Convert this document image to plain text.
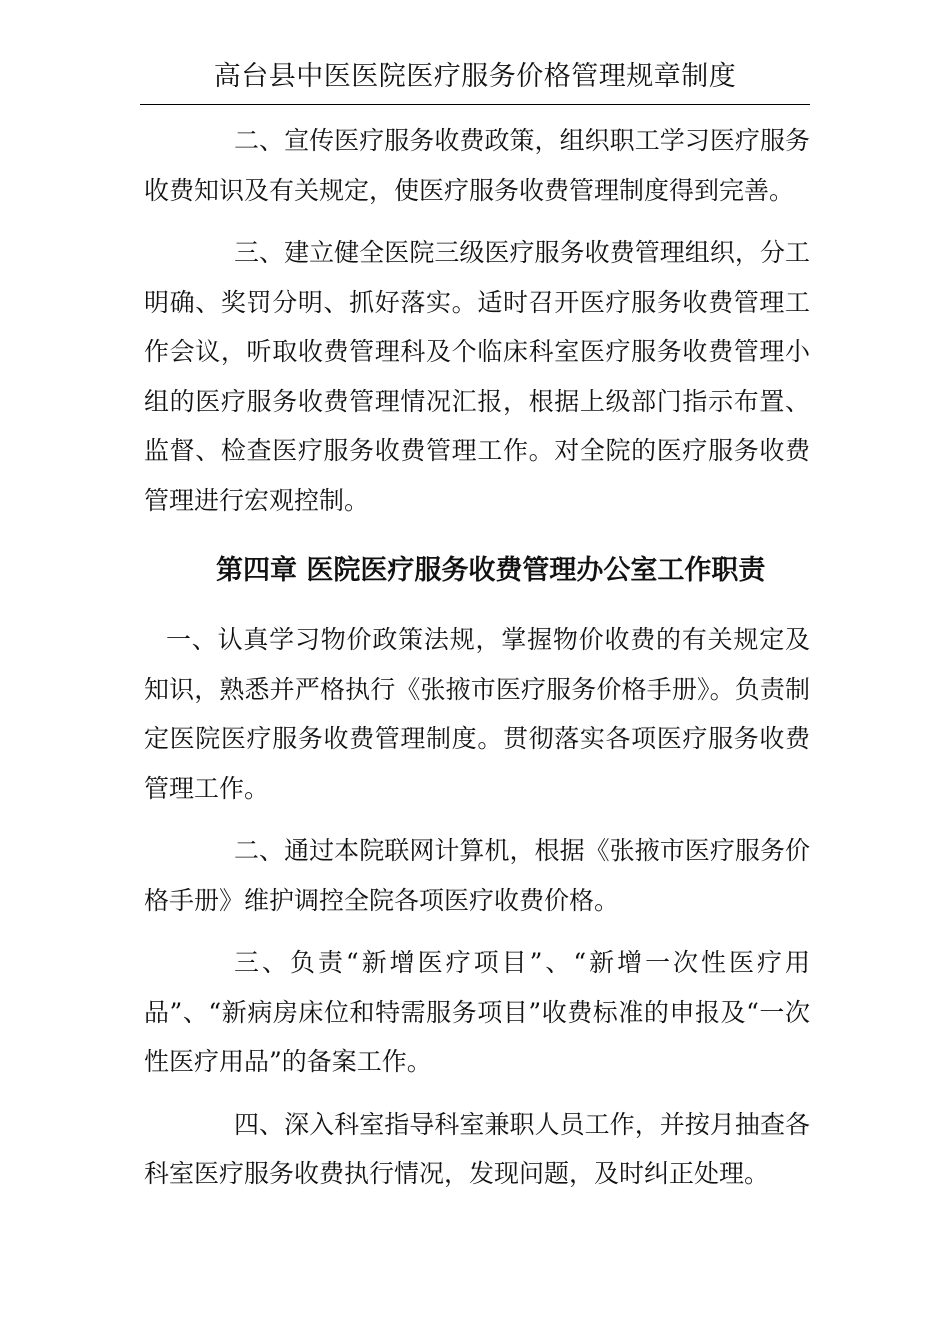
高台县中医医院医疗服务价格管理规章制度

二、宣传医疗服务收费政策，组织职工学习医疗服务收费知识及有关规定，使医疗服务收费管理制度得到完善。

三、建立健全医院三级医疗服务收费管理组织，分工明确、奖罚分明、抓好落实。适时召开医疗服务收费管理工作会议，听取收费管理科及个临床科室医疗服务收费管理小组的医疗服务收费管理情况汇报，根据上级部门指示布置、监督、检查医疗服务收费管理工作。对全院的医疗服务收费管理进行宏观控制。

第四章 医院医疗服务收费管理办公室工作职责

一、认真学习物价政策法规，掌握物价收费的有关规定及知识，熟悉并严格执行《张掖市医疗服务价格手册》。负责制定医院医疗服务收费管理制度。贯彻落实各项医疗服务收费管理工作。

二、通过本院联网计算机，根据《张掖市医疗服务价格手册》维护调控全院各项医疗收费价格。

三、负责“新增医疗项目”、“新增一次性医疗用品”、“新病房床位和特需服务项目”收费标准的申报及“一次性医疗用品”的备案工作。

四、深入科室指导科室兼职人员工作，并按月抽查各科室医疗服务收费执行情况，发现问题，及时纠正处理。
